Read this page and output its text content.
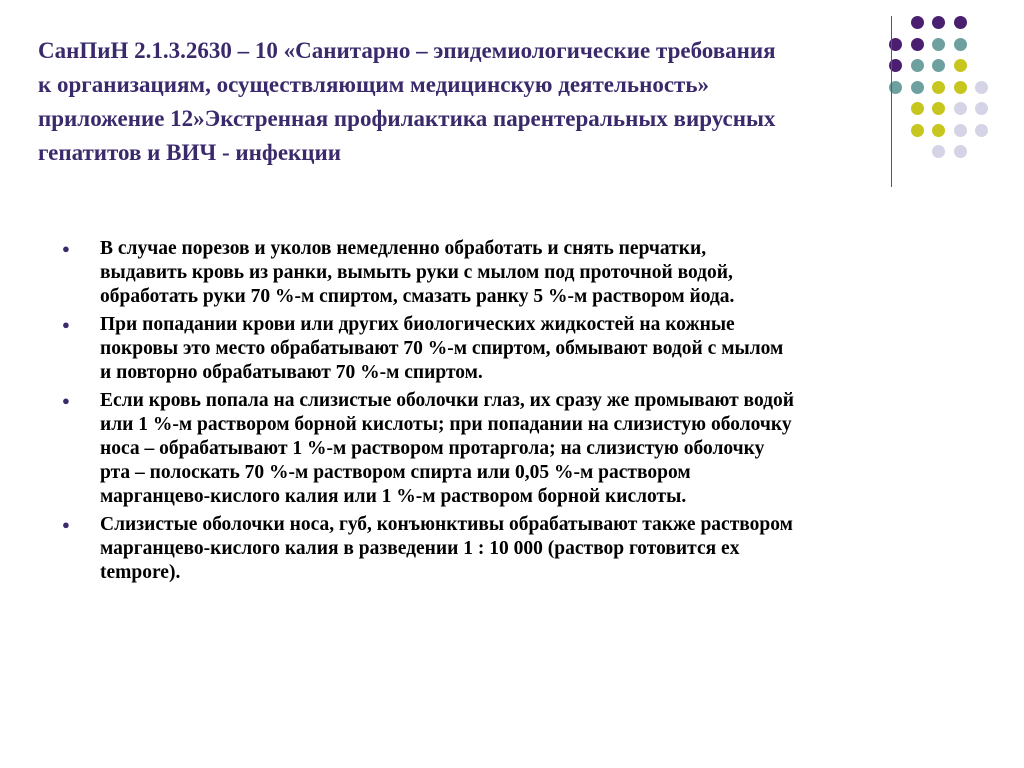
СанПиН 2.1.3.2630 – 10 «Санитарно – эпидемиологические требования
к организациям, осуществляющим медицинскую деятельность»
приложение 12»Экстренная профилактика парентеральных вирусных
гепатитов и ВИЧ - инфекции
● В случае порезов и уколов немедленно обработать и снять перчатки,
выдавить кровь из ранки, вымыть руки с мылом под проточной водой,
обработать руки 70 %-м спиртом, смазать ранку 5 %-м раствором йода.
● При попадании крови или других биологических жидкостей на кожные
покровы это место обрабатывают 70 %-м спиртом, обмывают водой с мылом
и повторно обрабатывают 70 %-м спиртом.
● Если кровь попала на слизистые оболочки глаз, их сразу же промывают водой
или 1 %-м раствором борной кислоты; при попадании на слизистую оболочку
носа – обрабатывают 1 %-м раствором протаргола; на слизистую оболочку
рта – полоскать 70 %-м раствором спирта или 0,05 %-м раствором
марганцево-кислого калия или 1 %-м раствором борной кислоты.
● Слизистые оболочки носа, губ, конъюнктивы обрабатывают также раствором
марганцево-кислого калия в разведении 1 : 10 000 (раствор готовится ex
tempore).
